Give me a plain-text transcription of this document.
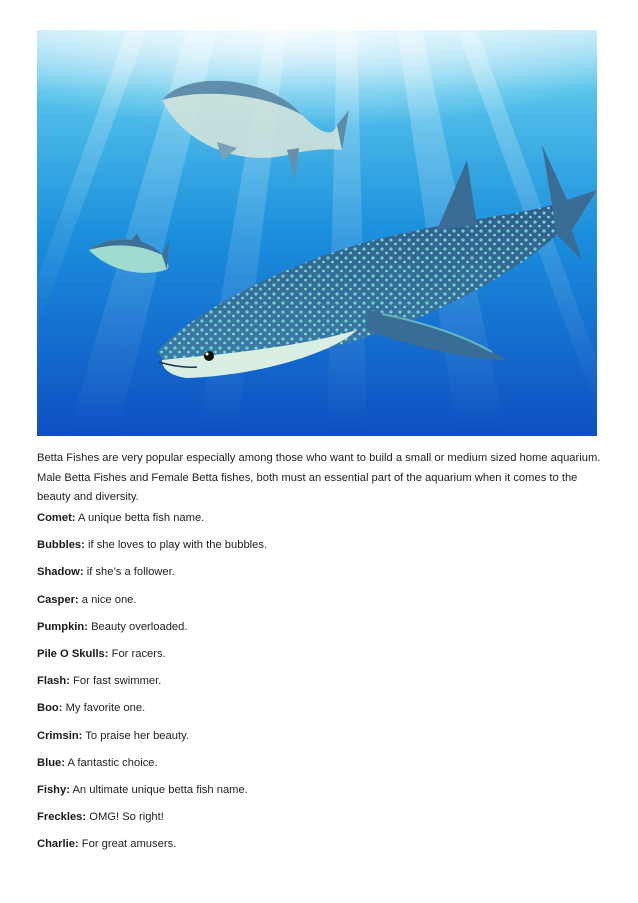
Betta Fishes are very popular especially among those who want to build a small or medium sized home aquarium. Male Betta Fishes and Female Betta fishes, both must an essential part of the aquarium when it comes to the beauty and diversity.

Comet: A unique betta fish name.
Bubbles: if she loves to play with the bubbles.
Shadow: if she’s a follower.
Casper: a nice one.
Pumpkin: Beauty overloaded.
Pile O Skulls: For racers.
Flash: For fast swimmer.
Boo: My favorite one.
Crimsin: To praise her beauty.
Blue: A fantastic choice.
Fishy: An ultimate unique betta fish name.
Freckles: OMG! So right!
Charlie: For great amusers.
